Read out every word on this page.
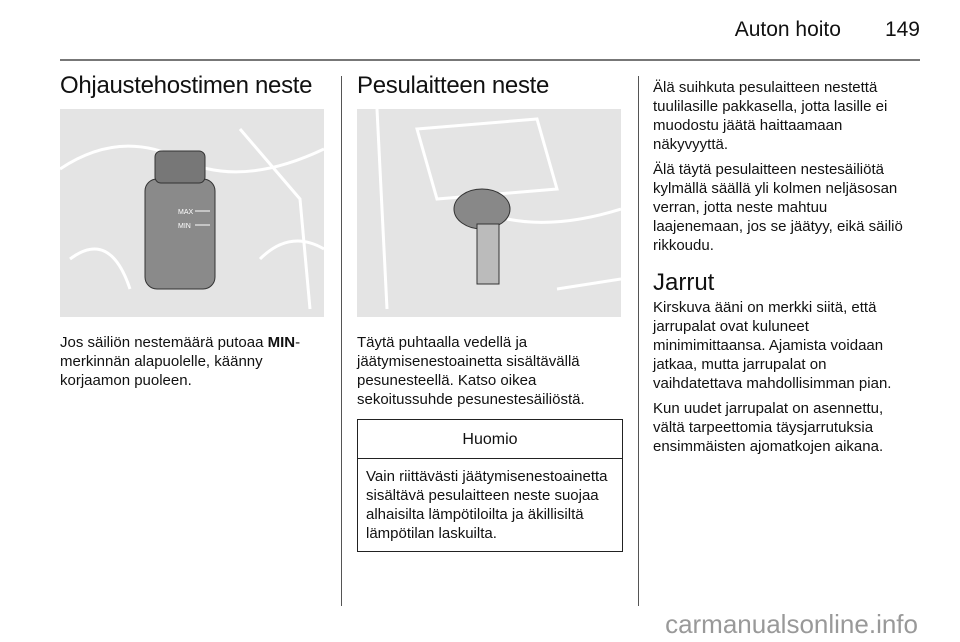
Auton hoito 149
Ohjaustehostimen neste
MAX
MIN

Jos säiliön nestemäärä putoaa MIN-merkinnän alapuolelle, käänny korjaamon puoleen.

Pesulaitteen neste

Täytä puhtaalla vedellä ja jäätymisenestoainetta sisältävällä pesunesteellä. Katso oikea sekoitussuhde pesunestesäiliöstä.

Huomio
Vain riittävästi jäätymisenestoainetta sisältävä pesulaitteen neste suojaa alhaisilta lämpötiloilta ja äkillisiltä lämpötilan laskuilta.

Älä suihkuta pesulaitteen nestettä tuulilasille pakkasella, jotta lasille ei muodostu jäätä haittaamaan näkyvyyttä.

Älä täytä pesulaitteen nestesäiliötä kylmällä säällä yli kolmen neljäsosan verran, jotta neste mahtuu laajenemaan, jos se jäätyy, eikä säiliö rikkoudu.

Jarrut

Kirskuva ääni on merkki siitä, että jarrupalat ovat kuluneet minimimittaansa. Ajamista voidaan jatkaa, mutta jarrupalat on vaihdatettava mahdollisimman pian.

Kun uudet jarrupalat on asennettu, vältä tarpeettomia täysjarrutuksia ensimmäisten ajomatkojen aikana.

carmanualsonline.info
